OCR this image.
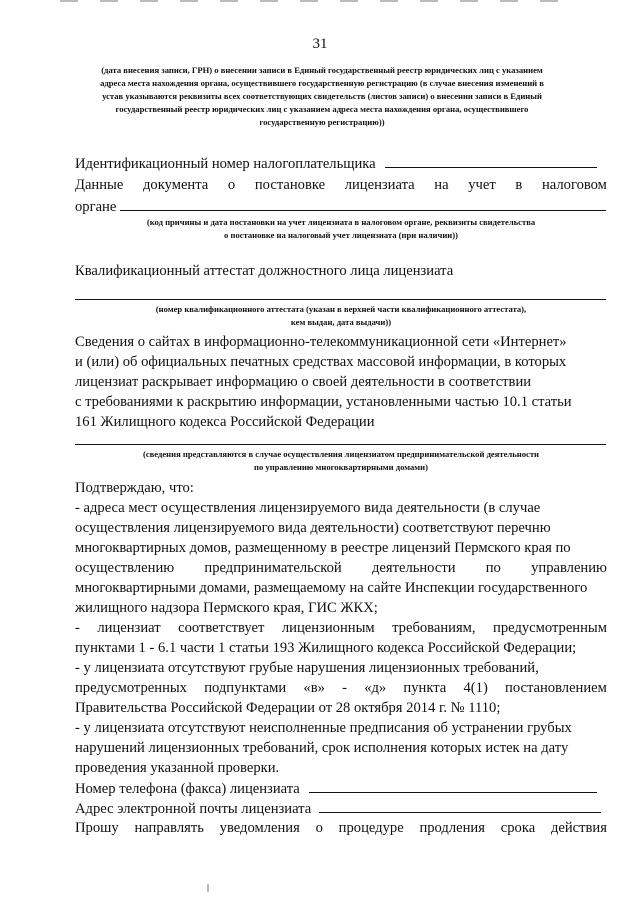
31
(дата внесения записи, ГРН) о внесении записи в Единый государственный реестр юридических лиц с указанием
адреса места нахождения органа, осуществившего государственную регистрацию (в случае внесения изменений в
устав указываются реквизиты всех соответствующих свидетельств (листов записи) о внесении записи в Единый
государственный реестр юридических лиц с указанием адреса места нахождения органа, осуществившего
государственную регистрацию))
Идентификационный номер налогоплательщика
Данные документа о постановке лицензиата на учет в налоговом
органе
(код причины и дата постановки на учет лицензиата в налоговом органе, реквизиты свидетельства
о постановке на налоговый учет лицензиата (при наличии))
Квалификационный аттестат должностного лица лицензиата
(номер квалификационного аттестата (указан в верхней части квалификационного аттестата),
кем выдан, дата выдачи))
Сведения о сайтах в информационно-телекоммуникационной сети «Интернет»
и (или) об официальных печатных средствах массовой информации, в которых
лицензиат раскрывает информацию о своей деятельности в соответствии
с требованиями к раскрытию информации, установленными частью 10.1 статьи
161 Жилищного кодекса Российской Федерации
(сведения представляются в случае осуществления лицензиатом предпринимательской деятельности
по управлению многоквартирными домами)
Подтверждаю, что:
- адреса мест осуществления лицензируемого вида деятельности (в случае
осуществления лицензируемого вида деятельности) соответствуют перечню
многоквартирных домов, размещенному в реестре лицензий Пермского края по
осуществлению предпринимательской деятельности по управлению
многоквартирными домами, размещаемому на сайте Инспекции государственного
жилищного надзора Пермского края, ГИС ЖКХ;
- лицензиат соответствует лицензионным требованиям, предусмотренным
пунктами 1 - 6.1 части 1 статьи 193 Жилищного кодекса Российской Федерации;
- у лицензиата отсутствуют грубые нарушения лицензионных требований,
предусмотренных подпунктами «в» - «д» пункта 4(1) постановлением
Правительства Российской Федерации от 28 октября 2014 г. № 1110;
- у лицензиата отсутствуют неисполненные предписания об устранении грубых
нарушений лицензионных требований, срок исполнения которых истек на дату
проведения указанной проверки.
Номер телефона (факса) лицензиата
Адрес электронной почты лицензиата
Прошу направлять уведомления о процедуре продления срока действия
